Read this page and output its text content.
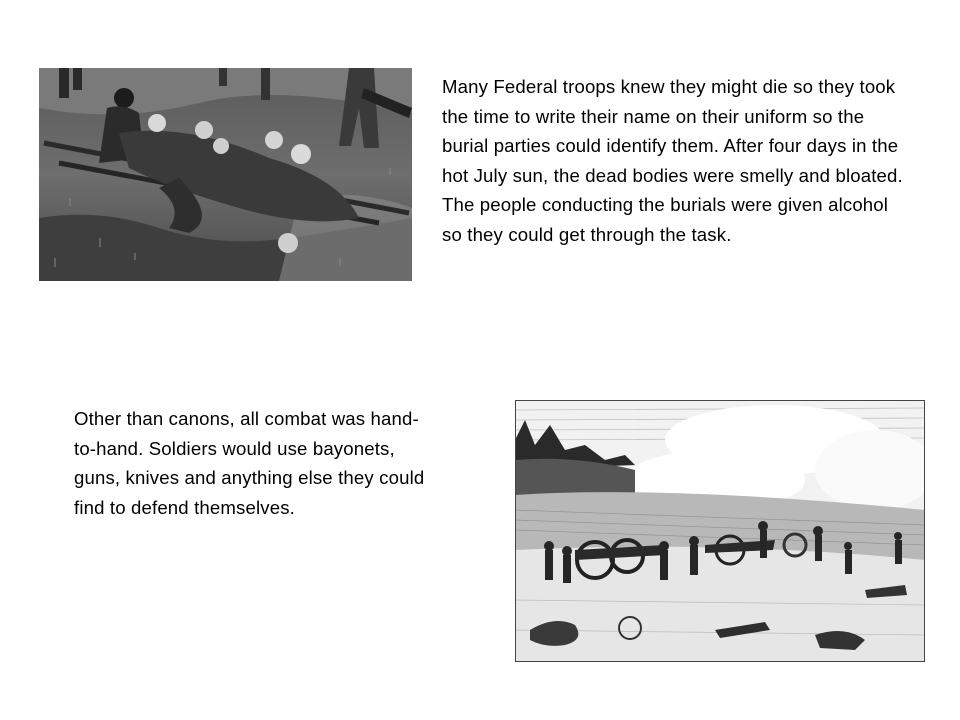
Many Federal troops knew they might die so they took the time to write their name on their uniform so the burial parties could identify them. After four days in the hot July sun, the dead bodies were smelly and bloated. The people conducting the burials were given alcohol so they could get through the task.
Other than canons, all combat was hand-to-hand. Soldiers would use bayonets, guns, knives and anything else they could find to defend themselves.
